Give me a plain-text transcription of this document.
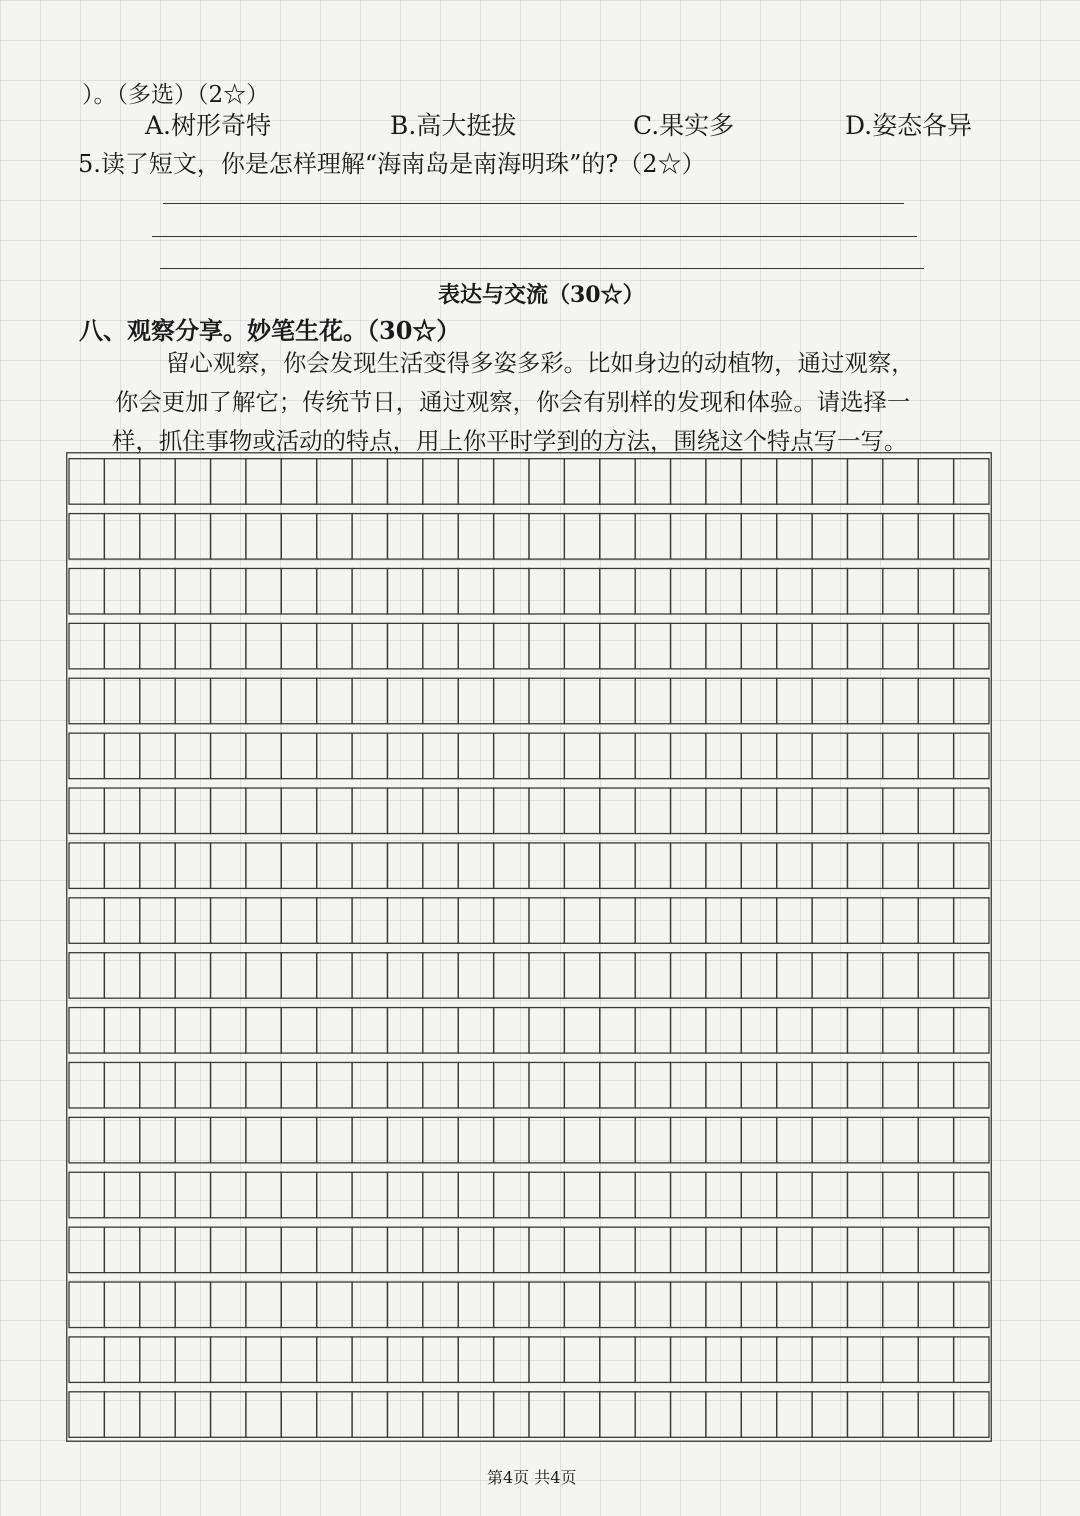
）。（多选）（2☆）
A.树形奇特	B.高大挺拔	C.果实多	D.姿态各异
5.读了短文，你是怎样理解“海南岛是南海明珠”的?（2☆）
表达与交流（30☆）
八、观察分享。妙笔生花。（30☆）
留心观察，你会发现生活变得多姿多彩。比如身边的动植物，通过观察，
你会更加了解它；传统节日，通过观察，你会有别样的发现和体验。请选择一
样，抓住事物或活动的特点，用上你平时学到的方法，围绕这个特点写一写。
第4页 共4页
